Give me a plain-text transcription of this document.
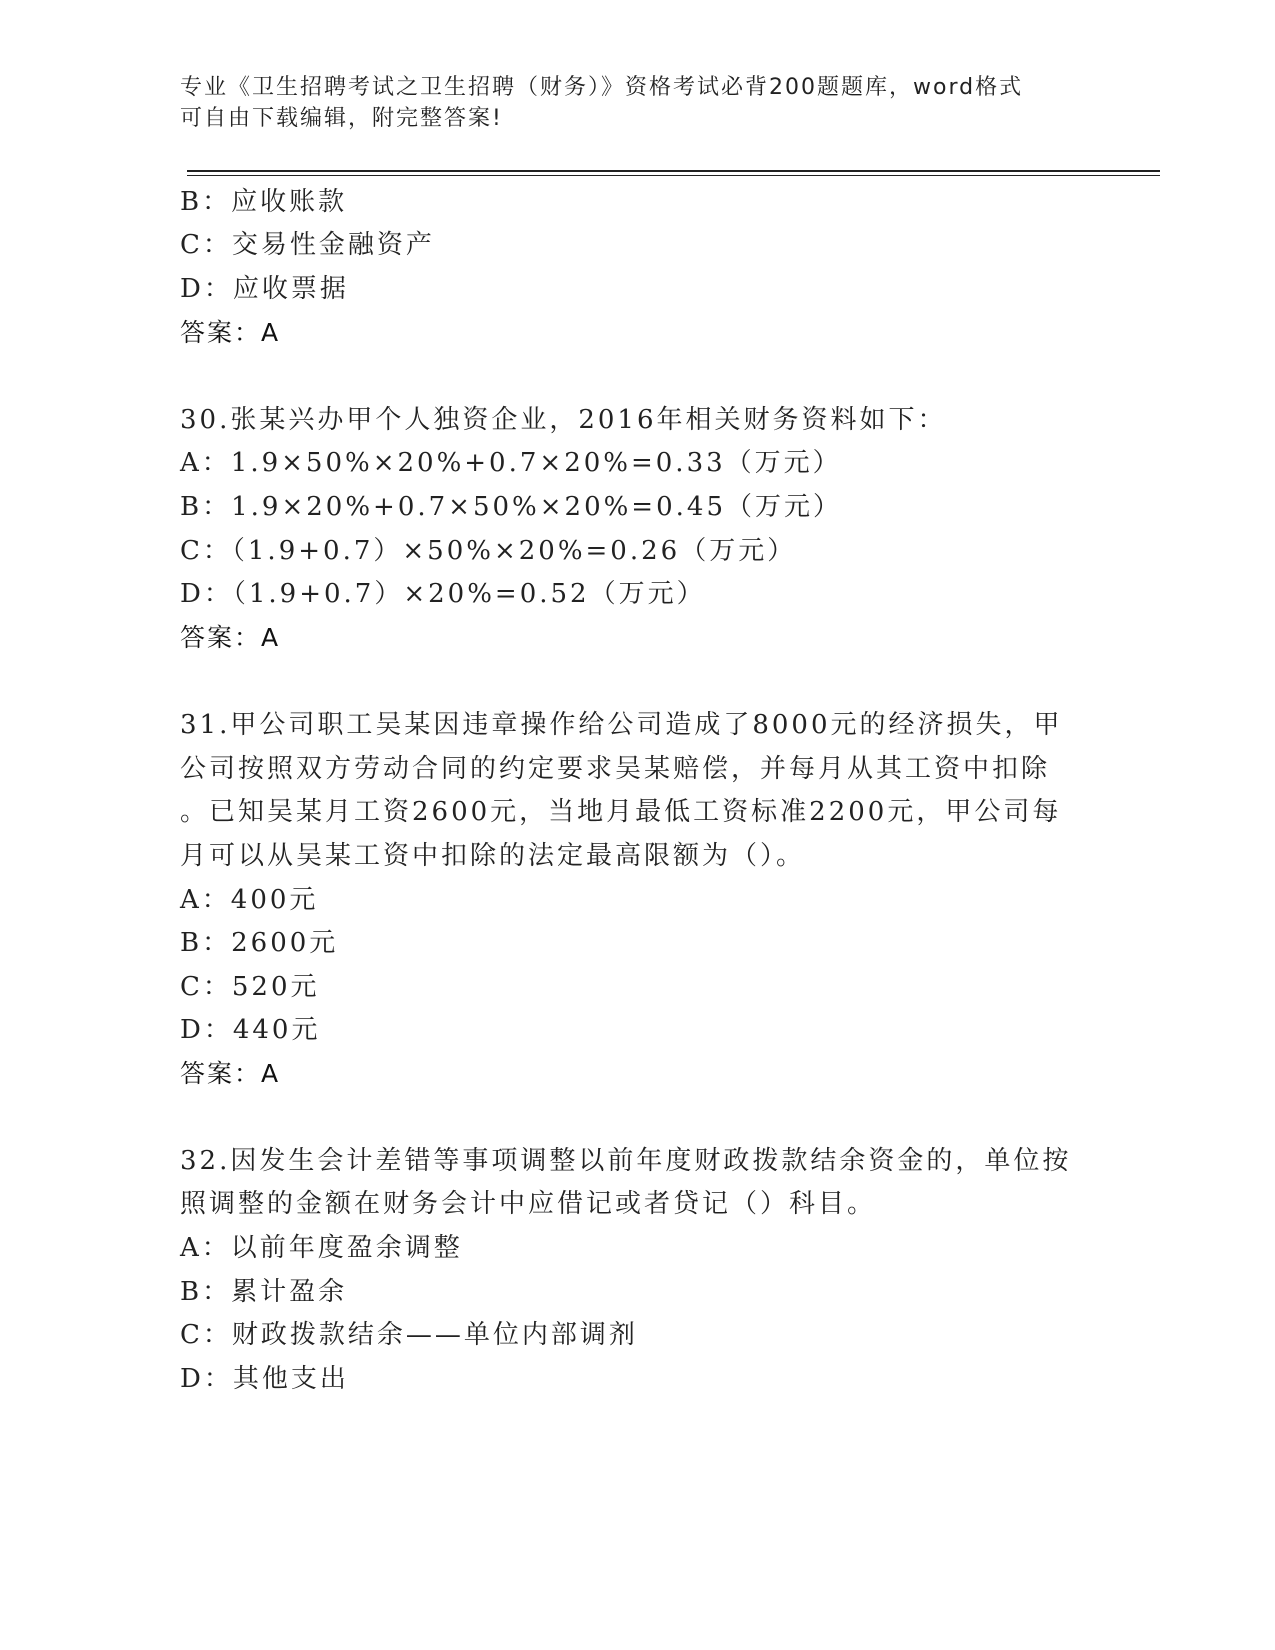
专业《卫生招聘考试之卫生招聘（财务）》资格考试必背200题题库，word格式
可自由下载编辑，附完整答案!
B：应收账款
C：交易性金融资产
D：应收票据
答案：A
30.张某兴办甲个人独资企业，2016年相关财务资料如下：
A：1.9×50%×20%+0.7×20%=0.33（万元）
B：1.9×20%+0.7×50%×20%=0.45（万元）
C：（1.9+0.7）×50%×20%=0.26（万元）
D：（1.9+0.7）×20%=0.52（万元）
答案：A
31.甲公司职工吴某因违章操作给公司造成了8000元的经济损失，甲
公司按照双方劳动合同的约定要求吴某赔偿，并每月从其工资中扣除
。已知吴某月工资2600元，当地月最低工资标准2200元，甲公司每
月可以从吴某工资中扣除的法定最高限额为（）。
A：400元
B：2600元
C：520元
D：440元
答案：A
32.因发生会计差错等事项调整以前年度财政拨款结余资金的，单位按
照调整的金额在财务会计中应借记或者贷记（）科目。
A：以前年度盈余调整
B：累计盈余
C：财政拨款结余——单位内部调剂
D：其他支出
